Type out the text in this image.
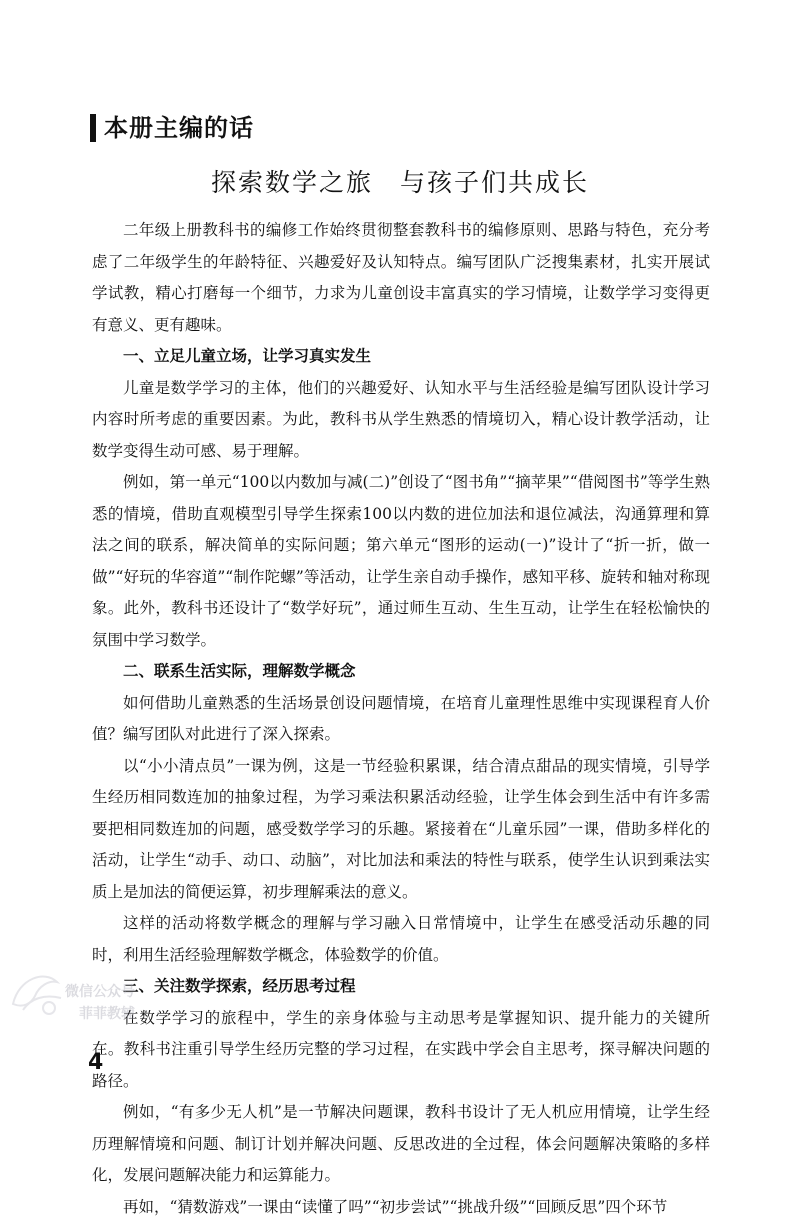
本册主编的话
探索数学之旅　与孩子们共成长

二年级上册教科书的编修工作始终贯彻整套教科书的编修原则、思路与特色，充分考虑了二年级学生的年龄特征、兴趣爱好及认知特点。编写团队广泛搜集素材，扎实开展试学试教，精心打磨每一个细节，力求为儿童创设丰富真实的学习情境，让数学学习变得更有意义、更有趣味。

一、立足儿童立场，让学习真实发生

儿童是数学学习的主体，他们的兴趣爱好、认知水平与生活经验是编写团队设计学习内容时所考虑的重要因素。为此，教科书从学生熟悉的情境切入，精心设计教学活动，让数学变得生动可感、易于理解。

例如，第一单元“100以内数加与减(二)”创设了“图书角”“摘苹果”“借阅图书”等学生熟悉的情境，借助直观模型引导学生探索100以内数的进位加法和退位减法，沟通算理和算法之间的联系，解决简单的实际问题；第六单元“图形的运动(一)”设计了“折一折，做一做”“好玩的华容道”“制作陀螺”等活动，让学生亲自动手操作，感知平移、旋转和轴对称现象。此外，教科书还设计了“数学好玩”，通过师生互动、生生互动，让学生在轻松愉快的氛围中学习数学。

二、联系生活实际，理解数学概念

如何借助儿童熟悉的生活场景创设问题情境，在培育儿童理性思维中实现课程育人价值？编写团队对此进行了深入探索。

以“小小清点员”一课为例，这是一节经验积累课，结合清点甜品的现实情境，引导学生经历相同数连加的抽象过程，为学习乘法积累活动经验，让学生体会到生活中有许多需要把相同数连加的问题，感受数学学习的乐趣。紧接着在“儿童乐园”一课，借助多样化的活动，让学生“动手、动口、动脑”，对比加法和乘法的特性与联系，使学生认识到乘法实质上是加法的简便运算，初步理解乘法的意义。

这样的活动将数学概念的理解与学习融入日常情境中，让学生在感受活动乐趣的同时，利用生活经验理解数学概念，体验数学的价值。

三、关注数学探索，经历思考过程

在数学学习的旅程中，学生的亲身体验与主动思考是掌握知识、提升能力的关键所在。教科书注重引导学生经历完整的学习过程，在实践中学会自主思考，探寻解决问题的路径。

例如，“有多少无人机”是一节解决问题课，教科书设计了无人机应用情境，让学生经历理解情境和问题、制订计划并解决问题、反思改进的全过程，体会问题解决策略的多样化，发展问题解决能力和运算能力。

再如，“猜数游戏”一课由“读懂了吗”“初步尝试”“挑战升级”“回顾反思”四个环节

微信公众号
菲菲教辅
4
